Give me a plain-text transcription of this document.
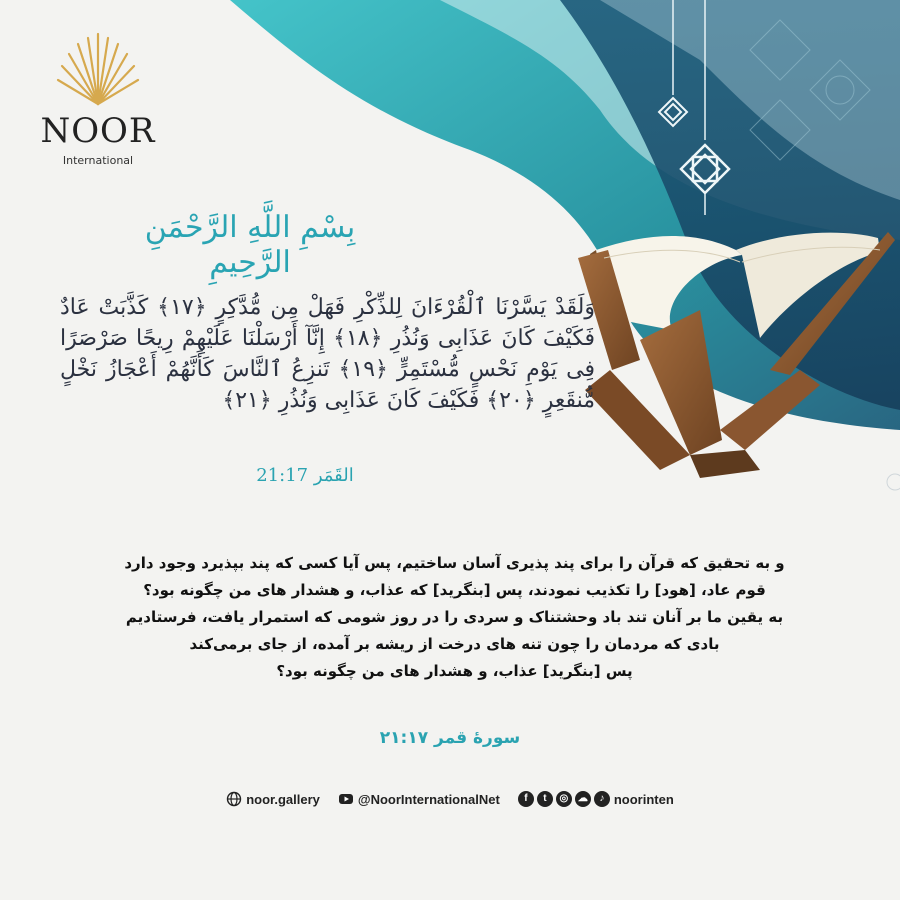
NOOR
International
بِسْمِ اللَّهِ الرَّحْمَنِ الرَّحِيمِ
وَلَقَدْ يَسَّرْنَا ٱلْقُرْءَانَ لِلذِّكْرِ فَهَلْ مِن مُّدَّكِرٍ ﴿١٧﴾ كَذَّبَتْ عَادٌ فَكَيْفَ كَانَ عَذَابِى وَنُذُرِ ﴿١٨﴾ إِنَّآ أَرْسَلْنَا عَلَيْهِمْ رِيحًا صَرْصَرًا فِى يَوْمِ نَحْسٍ مُّسْتَمِرٍّ ﴿١٩﴾ تَنزِعُ ٱلنَّاسَ كَأَنَّهُمْ أَعْجَازُ نَخْلٍ مُّنقَعِرٍ ﴿٢٠﴾ فَكَيْفَ كَانَ عَذَابِى وَنُذُرِ ﴿٢١﴾
القَمَر 21:17
و به تحقیق که قرآن را برای پند پذیری آسان ساختیم، پس آیا کسی که پند بپذیرد وجود دارد
قوم عاد، [هود] را تکذیب نمودند، پس [بنگرید] که عذاب، و هشدار های من چگونه بود؟
به یقین ما بر آنان تند باد وحشتناک و سردی را در روز شومی که استمرار یافت، فرستادیم
بادی که مردمان را چون تنه های درخت از ریشه بر آمده، از جای برمی‌کند
پس [بنگرید] عذاب، و هشدار های من چگونه بود؟
سورۀ قمر ۲۱:۱۷
noor.gallery	@NoorInternationalNet	f	t	◎ ☁	♪ noorinten
